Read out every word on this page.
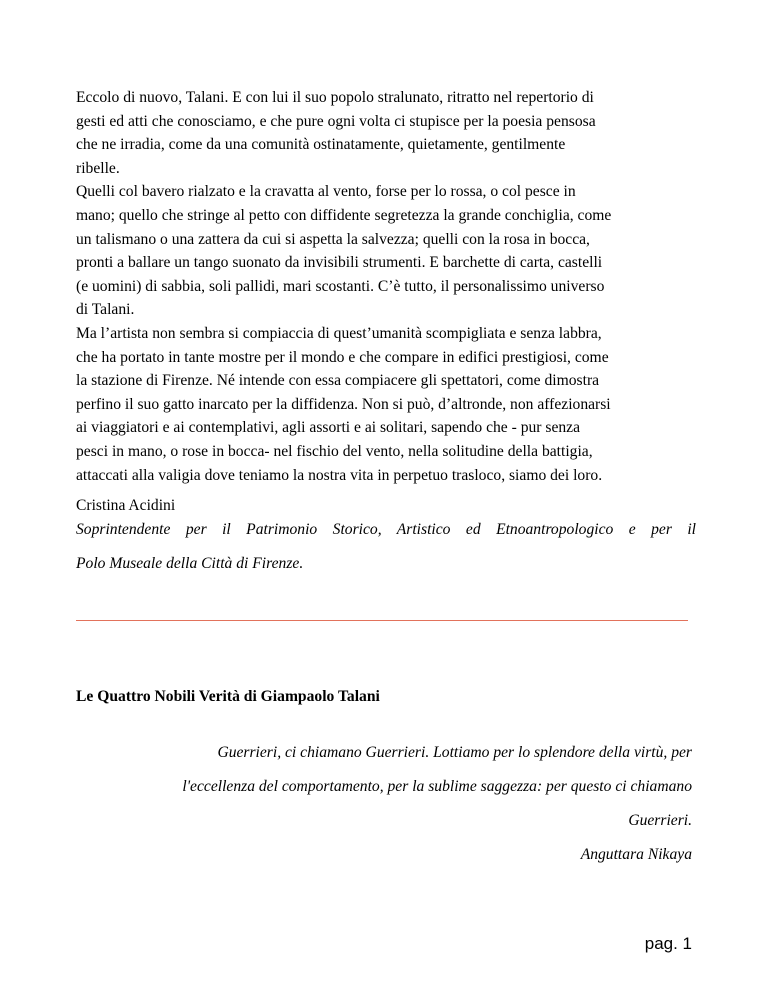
Eccolo di nuovo, Talani. E con lui il suo popolo stralunato, ritratto nel repertorio di
gesti ed atti che conosciamo, e che pure ogni volta ci stupisce per la poesia pensosa
che ne irradia, come da una comunità ostinatamente, quietamente, gentilmente
ribelle.
Quelli col bavero rialzato e la cravatta al vento, forse per lo rossa, o col pesce in
mano; quello che stringe al petto con diffidente segretezza la grande conchiglia, come
un talismano o una zattera da cui si aspetta la salvezza; quelli con la rosa in bocca,
pronti a ballare un tango suonato da invisibili strumenti. E barchette di carta, castelli
(e uomini) di sabbia, soli pallidi, mari scostanti. C’è tutto, il personalissimo universo
di Talani.
Ma l’artista non sembra si compiaccia di quest’umanità scompigliata e senza labbra,
che ha portato in tante mostre per il mondo e che compare in edifici prestigiosi, come
la stazione di Firenze. Né intende con essa compiacere gli spettatori, come dimostra
perfino il suo gatto inarcato per la diffidenza. Non si può, d’altronde, non affezionarsi
ai viaggiatori e ai contemplativi, agli assorti e ai solitari, sapendo che - pur senza
pesci in mano, o rose in bocca- nel fischio del vento, nella solitudine della battigia,
attaccati alla valigia dove teniamo la nostra vita in perpetuo trasloco, siamo dei loro.
Cristina Acidini
Soprintendente per il Patrimonio Storico, Artistico ed Etnoantropologico e per il
Polo Museale della Città di Firenze.
Le Quattro Nobili Verità di Giampaolo Talani
Guerrieri, ci chiamano Guerrieri. Lottiamo per lo splendore della virtù, per
l'eccellenza del comportamento, per la sublime saggezza: per questo ci chiamano
Guerrieri.
Anguttara Nikaya
pag. 1
